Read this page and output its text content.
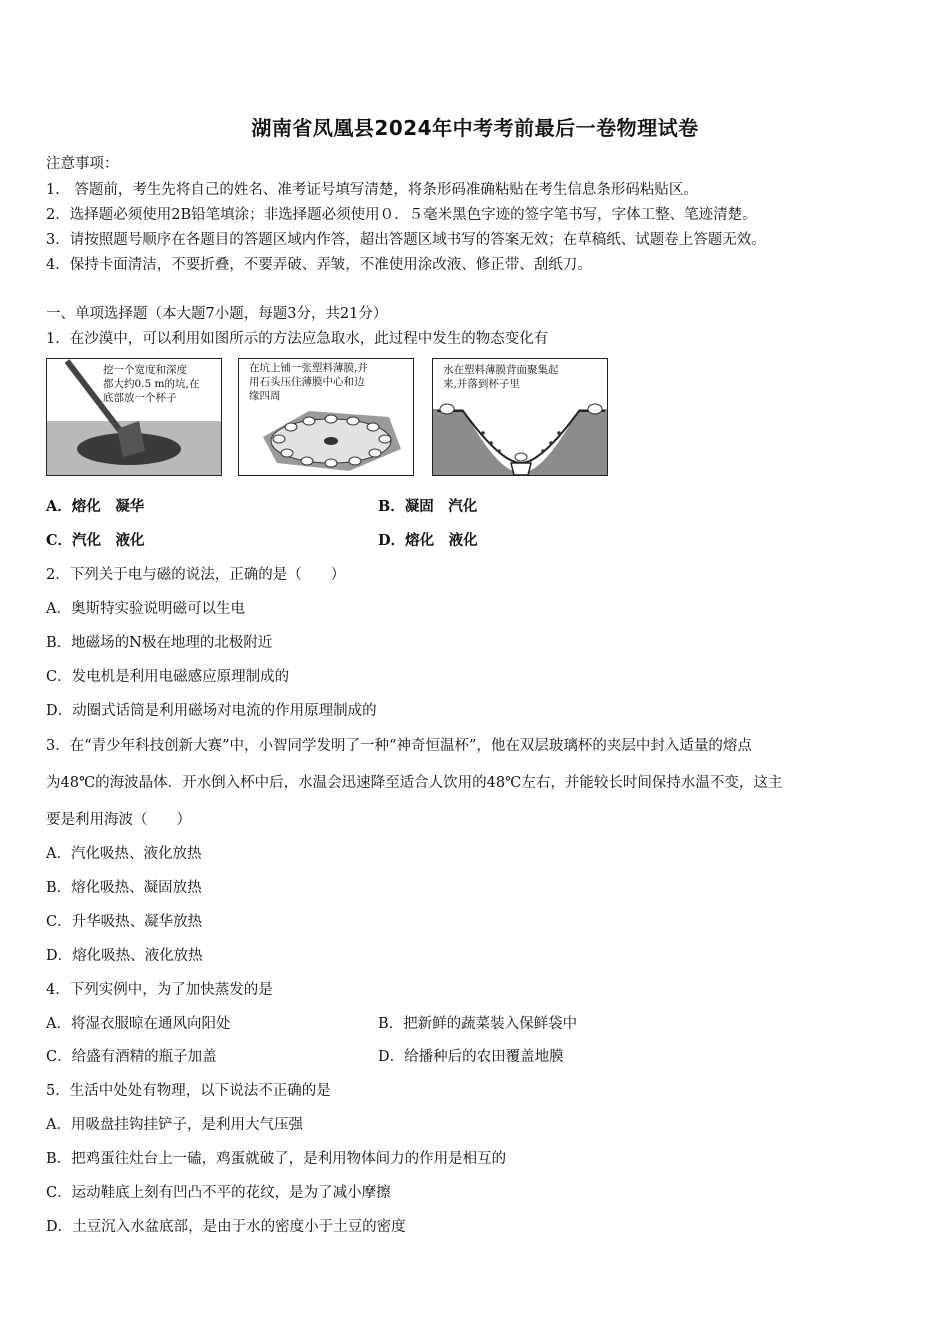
湖南省凤凰县2024年中考考前最后一卷物理试卷
注意事项：
1.　答题前，考生先将自己的姓名、准考证号填写清楚，将条形码准确粘贴在考生信息条形码粘贴区。
2．选择题必须使用2B铅笔填涂；非选择题必须使用０．５毫米黑色字迹的签字笔书写，字体工整、笔迹清楚。
3．请按照题号顺序在各题目的答题区域内作答，超出答题区域书写的答案无效；在草稿纸、试题卷上答题无效。
4．保持卡面清洁，不要折叠，不要弄破、弄皱，不准使用涂改液、修正带、刮纸刀。
一、单项选择题（本大题7小题，每题3分，共21分）
1．在沙漠中，可以利用如图所示的方法应急取水，此过程中发生的物态变化有
挖一个宽度和深度
都大约0.5 m的坑,在
底部放一个杯子
在坑上铺一张塑料薄膜,并
用石头压住薄膜中心和边
缘四周
水在塑料薄膜背面聚集起
来,并落到杯子里
A．熔化　凝华	B．凝固　汽化
C．汽化　液化	D．熔化　液化
2．下列关于电与磁的说法，正确的是（　　）
A．奥斯特实验说明磁可以生电
B．地磁场的N极在地理的北极附近
C．发电机是利用电磁感应原理制成的
D．动圈式话筒是利用磁场对电流的作用原理制成的
3．在“青少年科技创新大赛”中，小智同学发明了一种“神奇恒温杯”，他在双层玻璃杯的夹层中封入适量的熔点
为48℃的海波晶体．开水倒入杯中后，水温会迅速降至适合人饮用的48℃左右，并能较长时间保持水温不变，这主
要是利用海波（　　）
A．汽化吸热、液化放热
B．熔化吸热、凝固放热
C．升华吸热、凝华放热
D．熔化吸热、液化放热
4．下列实例中，为了加快蒸发的是
A．将湿衣服晾在通风向阳处	B．把新鲜的蔬菜装入保鲜袋中
C．给盛有酒精的瓶子加盖	D．给播种后的农田覆盖地膜
5．生活中处处有物理，以下说法不正确的是
A．用吸盘挂钩挂铲子，是利用大气压强
B．把鸡蛋往灶台上一磕，鸡蛋就破了，是利用物体间力的作用是相互的
C．运动鞋底上刻有凹凸不平的花纹，是为了减小摩擦
D．土豆沉入水盆底部，是由于水的密度小于土豆的密度
